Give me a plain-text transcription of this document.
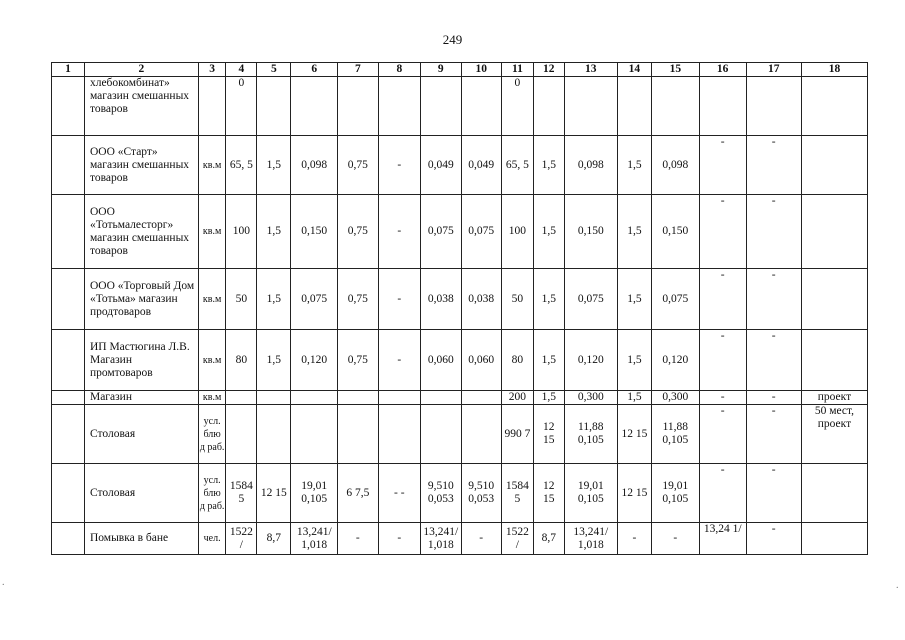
249
1	2	3	4	5	6	7	8	9	10	11	12	13	14	15	16	17	18
	хлебокомбинат» магазин смешанных товаров		0							0							
	ООО «Старт» магазин смешанных товаров	кв.м	65, 5	1,5	0,098	0,75	-	0,049	0,049	65, 5	1,5	0,098	1,5	0,098	-	-	
	ООО «Тотьмалесторг» магазин смешанных товаров	кв.м	100	1,5	0,150	0,75	-	0,075	0,075	100	1,5	0,150	1,5	0,150	-	-	
	ООО «Торговый Дом «Тотьма» магазин продтоваров	кв.м	50	1,5	0,075	0,75	-	0,038	0,038	50	1,5	0,075	1,5	0,075	-	-	
	ИП Мастюгина Л.В. Магазин промтоваров	кв.м	80	1,5	0,120	0,75	-	0,060	0,060	80	1,5	0,120	1,5	0,120	-	-	
	Магазин	кв.м								200	1,5	0,300	1,5	0,300	-	-	проект
	Столовая	усл. блю д раб.								990 7	12 15	11,88 0,105	12 15	11,88 0,105	-	-	50 мест, проект
	Столовая	усл. блю д раб.	1584 5	12 15	19,01 0,105	6 7,5	- -	9,510 0,053	9,510 0,053	1584 5	12 15	19,01 0,105	12 15	19,01 0,105	-	-	
	Помывка в бане	чел.	1522 /	8,7	13,241/ 1,018	-	-	13,241/ 1,018	-	1522 /	8,7	13,241/ 1,018	-	-	13,24 1/	-	
.	.
